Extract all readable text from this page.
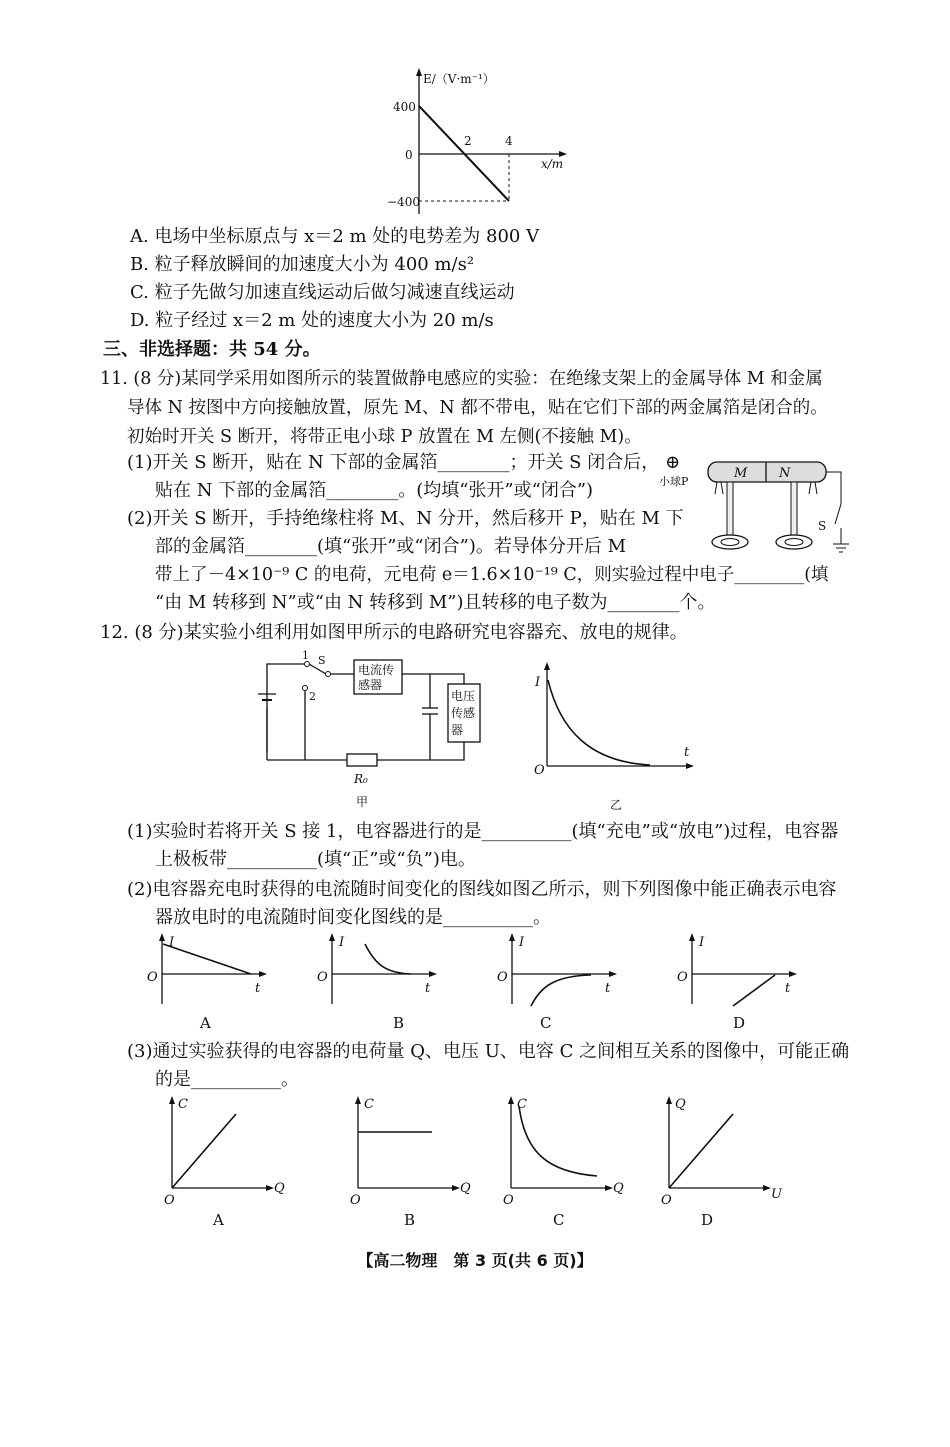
E/（V·m⁻¹）
400
0
−400
2	4
x/m
A. 电场中坐标原点与 x＝2 m 处的电势差为 800 V
B. 粒子释放瞬间的加速度大小为 400 m/s²
C. 粒子先做匀加速直线运动后做匀减速直线运动
D. 粒子经过 x＝2 m 处的速度大小为 20 m/s
三、非选择题：共 54 分。
11. (8 分)某同学采用如图所示的装置做静电感应的实验：在绝缘支架上的金属导体 M 和金属
导体 N 按图中方向接触放置，原先 M、N 都不带电，贴在它们下部的两金属箔是闭合的。
初始时开关 S 断开，将带正电小球 P 放置在 M 左侧(不接触 M)。
(1)开关 S 断开，贴在 N 下部的金属箔________；开关 S 闭合后，
贴在 N 下部的金属箔________。(均填“张开”或“闭合”)
(2)开关 S 断开，手持绝缘柱将 M、N 分开，然后移开 P，贴在 M 下
部的金属箔________(填“张开”或“闭合”)。若导体分开后 M
带上了－4×10⁻⁹ C 的电荷，元电荷 e＝1.6×10⁻¹⁹ C，则实验过程中电子________(填
“由 M 转移到 N”或“由 N 转移到 M”)且转移的电子数为________个。
⊕
小球P
M N
S
12. (8 分)某实验小组利用如图甲所示的电路研究电容器充、放电的规律。
1
2
S
电流传
感器
电压
传感
器
R₀
甲
I
t
O
乙
(1)实验时若将开关 S 接 1，电容器进行的是__________(填“充电”或“放电”)过程，电容器
上极板带__________(填“正”或“负”)电。
(2)电容器充电时获得的电流随时间变化的图线如图乙所示，则下列图像中能正确表示电容
器放电时的电流随时间变化图线的是__________。
I
t
O
A
I
t
O
B
I
t
O
C
I
t
O
D
(3)通过实验获得的电容器的电荷量 Q、电压 U、电容 C 之间相互关系的图像中，可能正确
的是__________。
C
Q
O
A
C
Q
O
B
C
Q
O
C
Q
U
O
D
【高二物理　第 3 页(共 6 页)】
